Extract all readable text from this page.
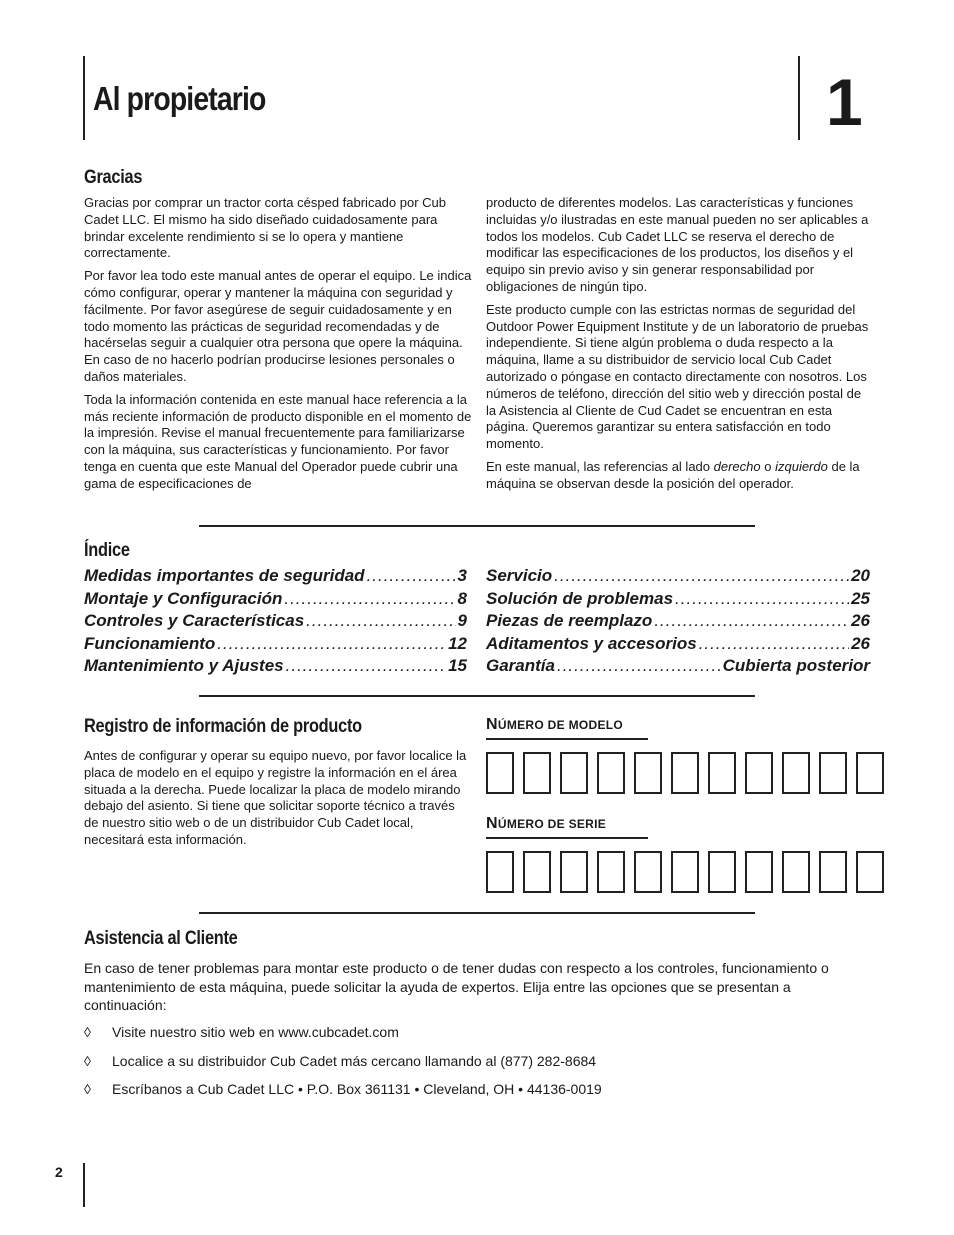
Al propietario	1
Gracias

Gracias por comprar un tractor corta césped fabricado por Cub Cadet LLC. El mismo ha sido diseñado cuidadosamente para brindar excelente rendimiento si se lo opera y mantiene correctamente.

Por favor lea todo este manual antes de operar el equipo. Le indica cómo configurar, operar y mantener la máquina con seguridad y fácilmente. Por favor asegúrese de seguir cuidadosamente y en todo momento las prácticas de seguridad recomendadas y de hacérselas seguir a cualquier otra persona que opere la máquina. En caso de no hacerlo podrían producirse lesiones personales o daños materiales.

Toda la información contenida en este manual hace referencia a la más reciente información de producto disponible en el momento de la impresión. Revise el manual frecuentemente para familiarizarse con la máquina, sus características y funcionamiento. Por favor tenga en cuenta que este Manual del Operador puede cubrir una gama de especificaciones de

producto de diferentes modelos. Las características y funciones incluidas y/o ilustradas en este manual pueden no ser aplicables a todos los modelos. Cub Cadet LLC se reserva el derecho de modificar las especificaciones de los productos, los diseños y el equipo sin previo aviso y sin generar responsabilidad por obligaciones de ningún tipo.

Este producto cumple con las estrictas normas de seguridad del Outdoor Power Equipment Institute y de un laboratorio de pruebas independiente. Si tiene algún problema o duda respecto a la máquina, llame a su distribuidor de servicio local Cub Cadet autorizado o póngase en contacto directamente con nosotros. Los números de teléfono, dirección del sitio web y dirección postal de la Asistencia al Cliente de Cud Cadet se encuentran en esta página. Queremos garantizar su entera satisfacción en todo momento.

En este manual, las referencias al lado derecho o izquierdo de la máquina se observan desde la posición del operador.

Índice
Medidas importantes de seguridad .....	3
Montaje y Configuración .....	8
Controles y Características .....	9
Funcionamiento .....	12
Mantenimiento y Ajustes .....	15
Servicio .....	20
Solución de problemas .....	25
Piezas de reemplazo .....	26
Aditamentos y accesorios .....	26
Garantía .....	Cubierta posterior
Registro de información de producto
Antes de configurar y operar su equipo nuevo, por favor localice la placa de modelo en el equipo y registre la información en el área situada a la derecha. Puede localizar la placa de modelo mirando debajo del asiento. Si tiene que solicitar soporte técnico a través de nuestro sitio web o de un distribuidor Cub Cadet local, necesitará esta información.
NÚMERO DE MODELO
NÚMERO DE SERIE
Asistencia al Cliente
En caso de tener problemas para montar este producto o de tener dudas con respecto a los controles, funcionamiento o mantenimiento de esta máquina, puede solicitar la ayuda de expertos. Elija entre las opciones que se presentan a continuación:
◊	Visite nuestro sitio web en www.cubcadet.com
◊	Localice a su distribuidor Cub Cadet más cercano llamando al (877) 282-8684
◊	Escríbanos a Cub Cadet LLC • P.O. Box 361131 • Cleveland, OH • 44136-0019
2
